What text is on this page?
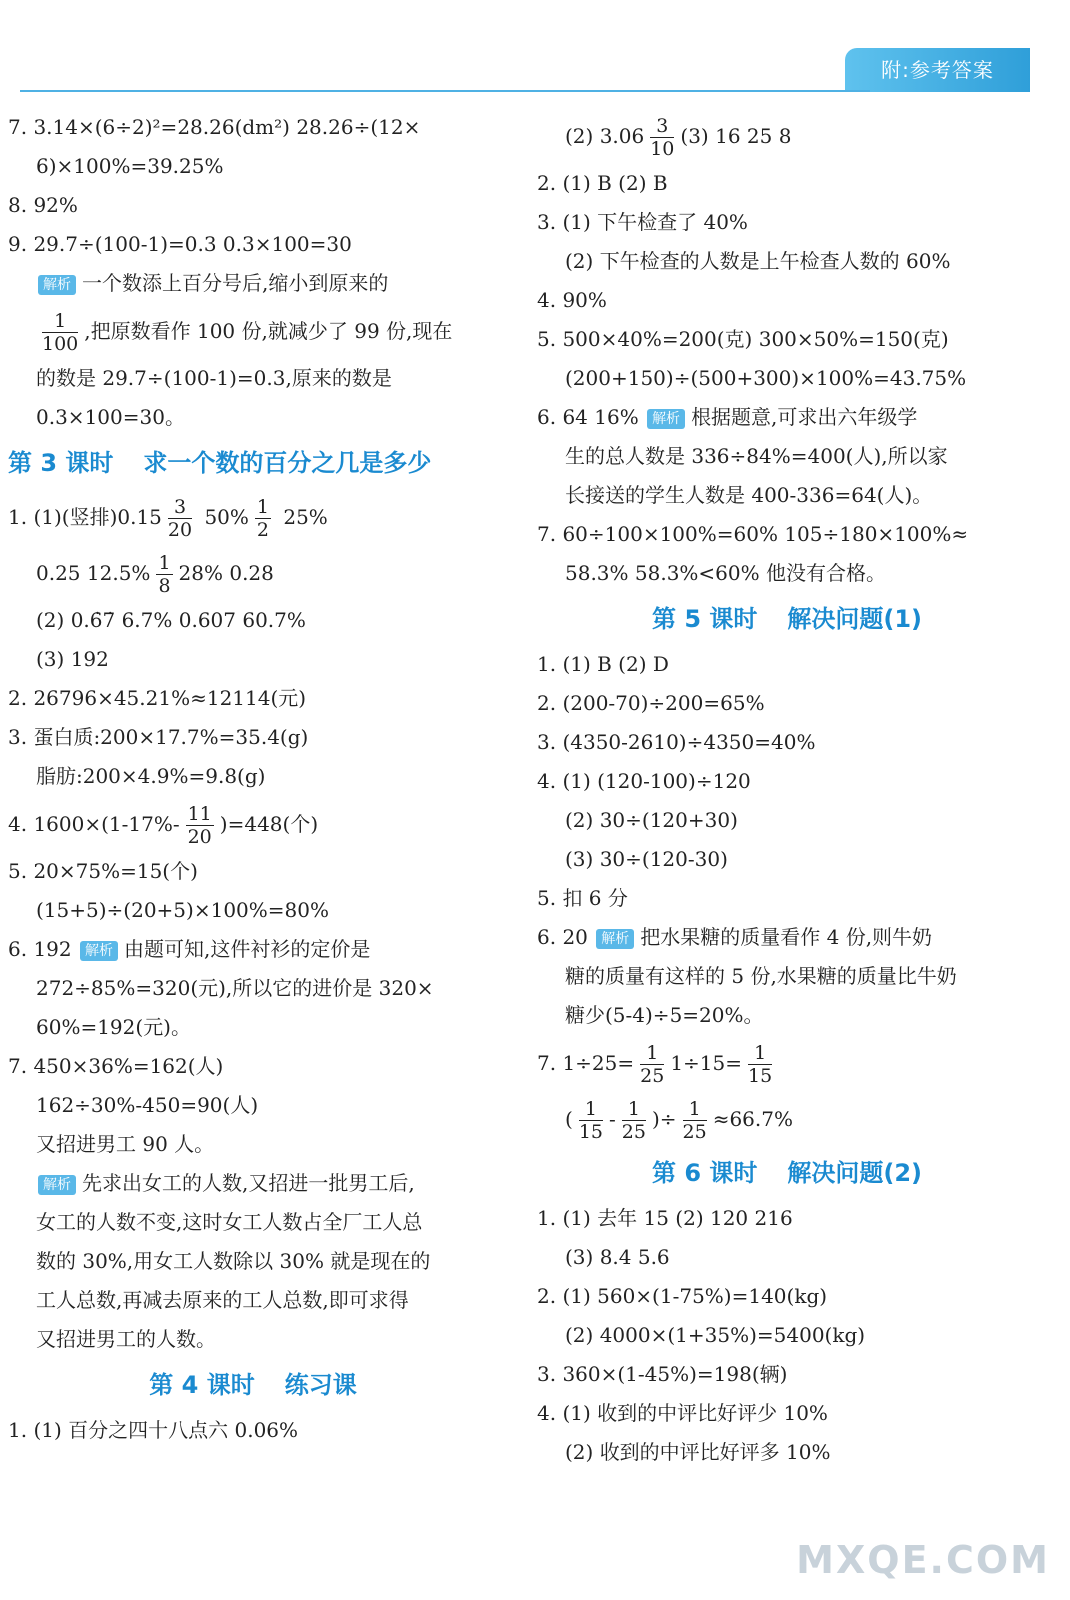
附:参考答案
7. 3.14×(6÷2)²=28.26(dm²) 28.26÷(12×
6)×100%=39.25%
8. 92%
9. 29.7÷(100-1)=0.3 0.3×100=30
解析 一个数添上百分号后,缩小到原来的
$\frac{1}{100}$ ,把原数看作 100 份,就减少了 99 份,现在
的数是 29.7÷(100-1)=0.3,原来的数是
0.3×100=30。
第 3 课时 求一个数的百分之几是多少
1. (1)(竖排)$0.15 \frac{3}{20} 50\% \frac{1}{2} 25\%$
0.25 $12.5\% \frac{1}{8} 28\%$ 0.28
(2) 0.6̇7̇ 6.7% 0.607 60.7%
(3) 192
2. 26796×45.21%≈12114(元)
3. 蛋白质:200×17.7%=35.4(g)
脂肪:200×4.9%=9.8(g)
4. $1600\times(1-17\%- \frac{11}{20} )=448$(个)
5. 20×75%=15(个)
(15+5)÷(20+5)×100%=80%
6. 192 解析 由题可知,这件衬衫的定价是
272÷85%=320(元),所以它的进价是 320×
60%=192(元)。
7. 450×36%=162(人)
162÷30%-450=90(人)
又招进男工 90 人。
解析 先求出女工的人数,又招进一批男工后,
女工的人数不变,这时女工人数占全厂工人总
数的 30%,用女工人数除以 30% 就是现在的
工人总数,再减去原来的工人总数,即可求得
又招进男工的人数。
第 4 课时 练习课
1. (1) 百分之四十八点六 0.06%
(2) $3.06 \frac{3}{10} (3)$ 16 25 8
2. (1) B (2) B
3. (1) 下午检查了 40%
(2) 下午检查的人数是上午检查人数的 60%
4. 90%
5. 500×40%=200(克) 300×50%=150(克)
(200+150)÷(500+300)×100%=43.75%
6. 64 16% 解析 根据题意,可求出六年级学
生的总人数是 336÷84%=400(人),所以家
长接送的学生人数是 400-336=64(人)。
7. 60÷100×100%=60% 105÷180×100%≈
58.3% 58.3%<60% 他没有合格。
第 5 课时 解决问题(1)
1. (1) B (2) D
2. (200-70)÷200=65%
3. (4350-2610)÷4350=40%
4. (1) (120-100)÷120
(2) 30÷(120+30)
(3) 30÷(120-30)
5. 扣 6 分
6. 20 解析 把水果糖的质量看作 4 份,则牛奶
糖的质量有这样的 5 份,水果糖的质量比牛奶
糖少(5-4)÷5=20%。
7. $1\div 25= \frac{1}{25} 1\div 15= \frac{1}{15}$
( $\frac{1}{15} - \frac{1}{25}$ )÷ $\frac{1}{25} \approx 66.7\%$
第 6 课时 解决问题(2)
1. (1) 去年 15 (2) 120 216
(3) 8.4 5.6
2. (1) 560×(1-75%)=140(kg)
(2) 4000×(1+35%)=5400(kg)
3. 360×(1-45%)=198(辆)
4. (1) 收到的中评比好评少 10%
(2) 收到的中评比好评多 10%
MXQE.COM
